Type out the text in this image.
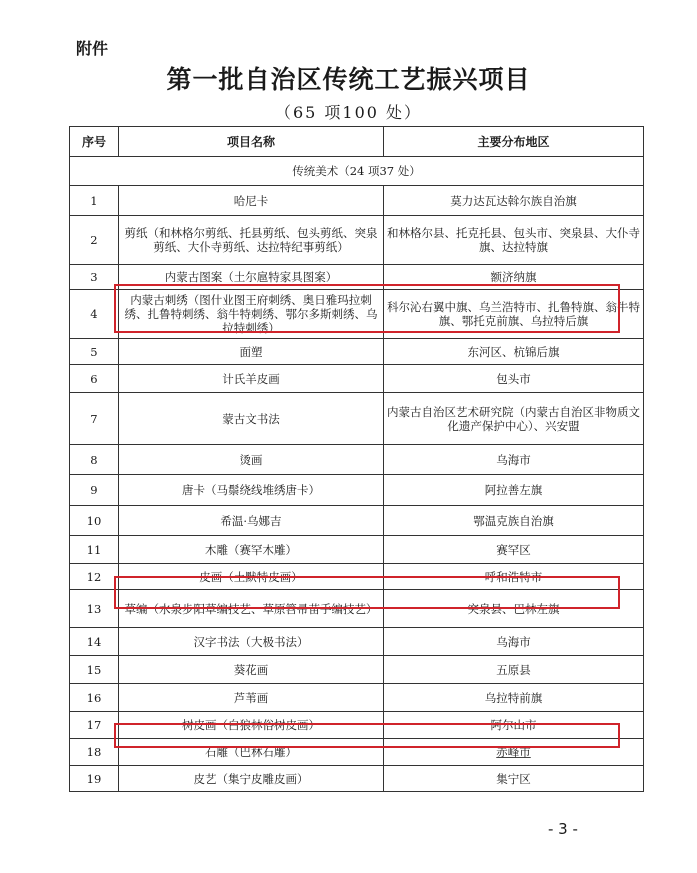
附件
第一批自治区传统工艺振兴项目
（65 项100 处）
序号	项目名称	主要分布地区
传统美术（24 项37 处）		
1	哈尼卡	莫力达瓦达斡尔族自治旗
2	剪纸（和林格尔剪纸、托县剪纸、包头剪纸、突泉剪纸、大仆寺剪纸、达拉特纪事剪纸）	和林格尔县、托克托县、包头市、突泉县、大仆寺旗、达拉特旗
3	内蒙古图案（土尔扈特家具图案）	额济纳旗
4	内蒙古刺绣（图什业图王府刺绣、奥日雅玛拉刺绣、扎鲁特刺绣、翁牛特刺绣、鄂尔多斯刺绣、乌拉特刺绣）	科尔沁右翼中旗、乌兰浩特市、扎鲁特旗、翁牛特旗、鄂托克前旗、乌拉特后旗
5	面塑	东河区、杭锦后旗
6	计氏羊皮画	包头市
7	蒙古文书法	内蒙古自治区艺术研究院（内蒙古自治区非物质文化遗产保护中心）、兴安盟
8	烫画	乌海市
9	唐卡（马鬃绕线堆绣唐卡）	阿拉善左旗
10	希温·乌娜吉	鄂温克族自治旗
11	木雕（赛罕木雕）	赛罕区
12	皮画（土默特皮画）	呼和浩特市
13	草编（水泉步阳草编技艺、草原笤帚苗手编技艺）	突泉县、巴林左旗
14	汉字书法（大极书法）	乌海市
15	葵花画	五原县
16	芦苇画	乌拉特前旗
17	树皮画（白狼林俗树皮画）	阿尔山市
18	石雕（巴林石雕）	赤峰市
19	皮艺（集宁皮雕皮画）	集宁区
- 3 -
